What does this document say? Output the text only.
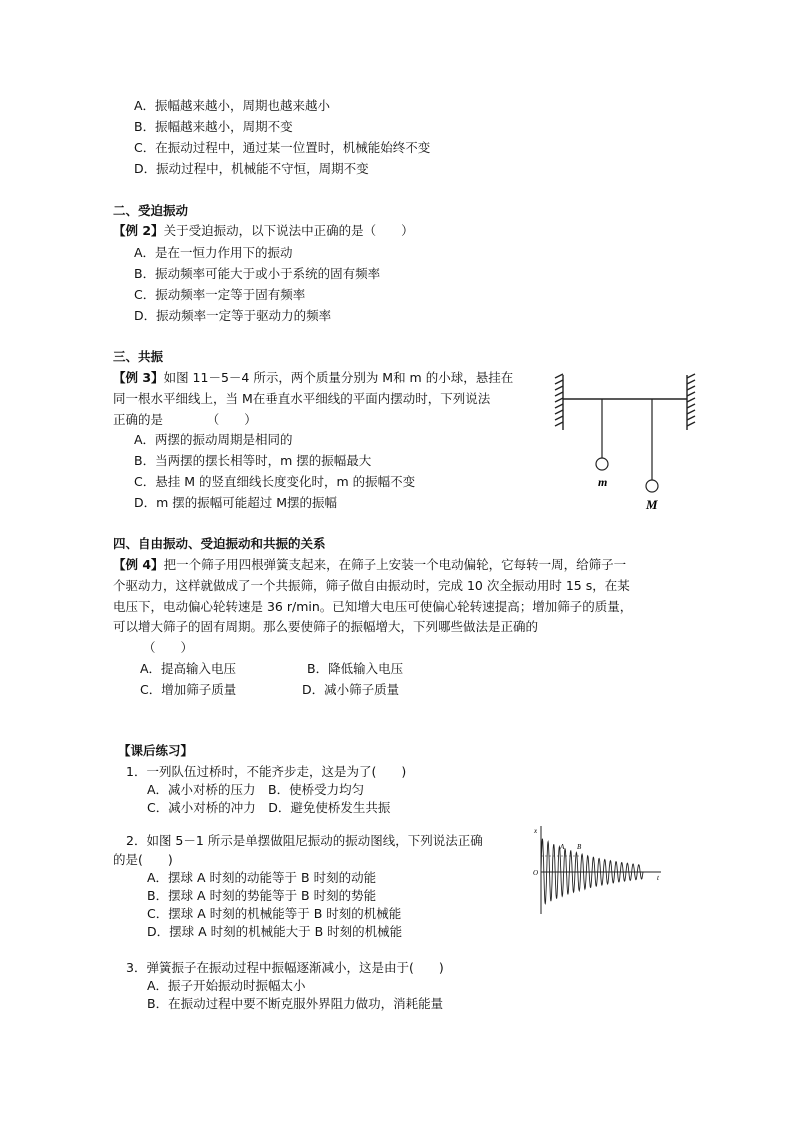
A．振幅越来越小，周期也越来越小
B．振幅越来越小，周期不变
C．在振动过程中，通过某一位置时，机械能始终不变
D．振动过程中，机械能不守恒，周期不变
二、受迫振动
【例 2】关于受迫振动，以下说法中正确的是（　　）
A．是在一恒力作用下的振动
B．振动频率可能大于或小于系统的固有频率
C．振动频率一定等于固有频率
D．振动频率一定等于驱动力的频率
三、共振
【例 3】如图 11－5－4 所示，两个质量分别为 M和 m 的小球，悬挂在
同一根水平细线上，当 M在垂直水平细线的平面内摆动时，下列说法
正确的是　　　　（　　）
A．两摆的振动周期是相同的
B．当两摆的摆长相等时，m 摆的振幅最大
C．悬挂 M 的竖直细线长度变化时，m 的振幅不变
D．m 摆的振幅可能超过 M摆的振幅
m
M
四、自由振动、受迫振动和共振的关系
【例 4】把一个筛子用四根弹簧支起来，在筛子上安装一个电动偏轮，它每转一周，给筛子一
个驱动力，这样就做成了一个共振筛，筛子做自由振动时，完成 10 次全振动用时 15 s，在某
电压下，电动偏心轮转速是 36 r/min。已知增大电压可使偏心轮转速提高；增加筛子的质量，
可以增大筛子的固有周期。那么要使筛子的振幅增大，下列哪些做法是正确的
（　　）
A．提高输入电压	B．降低输入电压
C．增加筛子质量	D．减小筛子质量
【课后练习】
1．一列队伍过桥时，不能齐步走，这是为了(　　)
A．减小对桥的压力　B．使桥受力均匀
C．减小对桥的冲力　D．避免使桥发生共振
2．如图 5－1 所示是单摆做阻尼振动的振动图线，下列说法正确
的是(　　)
A．摆球 A 时刻的动能等于 B 时刻的动能
B．摆球 A 时刻的势能等于 B 时刻的势能
C．摆球 A 时刻的机械能等于 B 时刻的机械能
D．摆球 A 时刻的机械能大于 B 时刻的机械能
x
t
O
A B
3．弹簧振子在振动过程中振幅逐渐减小，这是由于(　　)
A．振子开始振动时振幅太小
B．在振动过程中要不断克服外界阻力做功，消耗能量
